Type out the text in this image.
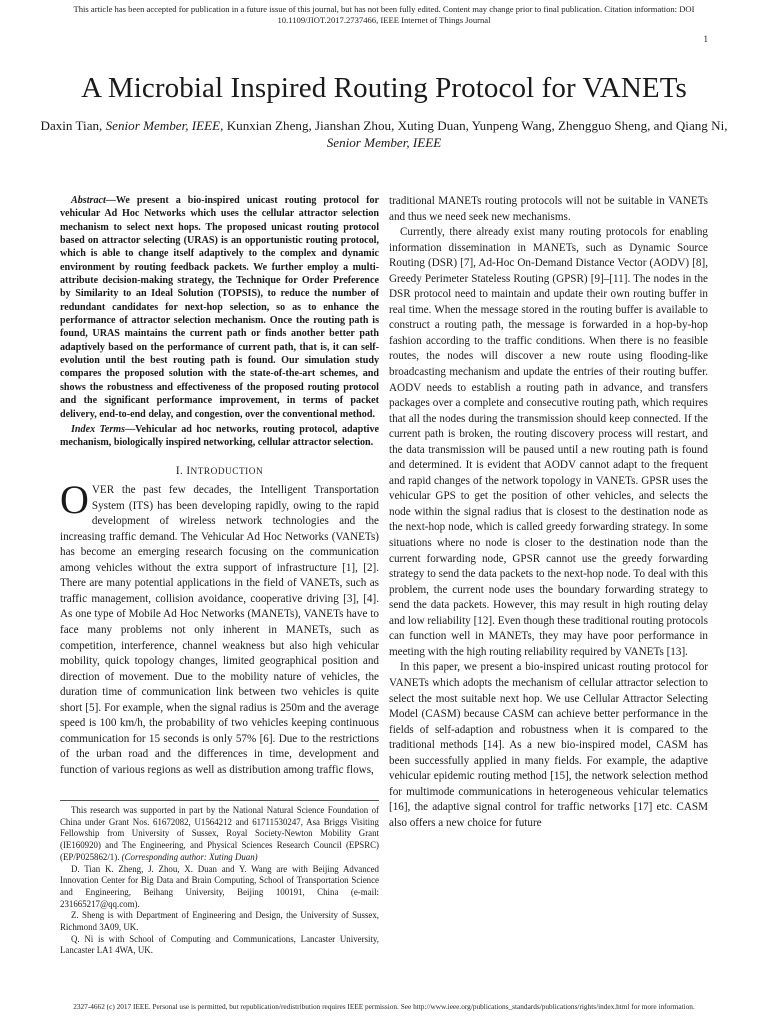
This article has been accepted for publication in a future issue of this journal, but has not been fully edited. Content may change prior to final publication. Citation information: DOI 10.1109/JIOT.2017.2737466, IEEE Internet of Things Journal
1
A Microbial Inspired Routing Protocol for VANETs
Daxin Tian, Senior Member, IEEE, Kunxian Zheng, Jianshan Zhou, Xuting Duan, Yunpeng Wang, Zhengguo Sheng, and Qiang Ni, Senior Member, IEEE

Abstract—We present a bio-inspired unicast routing protocol for vehicular Ad Hoc Networks which uses the cellular attractor selection mechanism to select next hops. The proposed unicast routing protocol based on attractor selecting (URAS) is an opportunistic routing protocol, which is able to change itself adaptively to the complex and dynamic environment by routing feedback packets. We further employ a multi-attribute decision-making strategy, the Technique for Order Preference by Similarity to an Ideal Solution (TOPSIS), to reduce the number of redundant candidates for next-hop selection, so as to enhance the performance of attractor selection mechanism. Once the routing path is found, URAS maintains the current path or finds another better path adaptively based on the performance of current path, that is, it can self-evolution until the best routing path is found. Our simulation study compares the proposed solution with the state-of-the-art schemes, and shows the robustness and effectiveness of the proposed routing protocol and the significant performance improvement, in terms of packet delivery, end-to-end delay, and congestion, over the conventional method.

Index Terms—Vehicular ad hoc networks, routing protocol, adaptive mechanism, biologically inspired networking, cellular attractor selection.

I. INTRODUCTION

OVER the past few decades, the Intelligent Transportation System (ITS) has been developing rapidly, owing to the rapid development of wireless network technologies and the increasing traffic demand. The Vehicular Ad Hoc Networks (VANETs) has become an emerging research focusing on the communication among vehicles without the extra support of infrastructure [1], [2]. There are many potential applications in the field of VANETs, such as traffic management, collision avoidance, cooperative driving [3], [4]. As one type of Mobile Ad Hoc Networks (MANETs), VANETs have to face many problems not only inherent in MANETs, such as competition, interference, channel weakness but also high vehicular mobility, quick topology changes, limited geographical position and direction of movement. Due to the mobility nature of vehicles, the duration time of communication link between two vehicles is quite short [5]. For example, when the signal radius is 250m and the average speed is 100 km/h, the probability of two vehicles keeping continuous communication for 15 seconds is only 57% [6]. Due to the restrictions of the urban road and the differences in time, development and function of various regions as well as distribution among traffic flows,

This research was supported in part by the National Natural Science Foundation of China under Grant Nos. 61672082, U1564212 and 61711530247, Asa Briggs Visiting Fellowship from University of Sussex, Royal Society-Newton Mobility Grant (IE160920) and The Engineering, and Physical Sciences Research Council (EPSRC) (EP/P025862/1). (Corresponding author: Xuting Duan)

D. Tian K. Zheng, J. Zhou, X. Duan and Y. Wang are with Beijing Advanced Innovation Center for Big Data and Brain Computing, School of Transportation Science and Engineering, Beihang University, Beijing 100191, China (e-mail: 231665217@qq.com).

Z. Sheng is with Department of Engineering and Design, the University of Sussex, Richmond 3A09, UK.

Q. Ni is with School of Computing and Communications, Lancaster University, Lancaster LA1 4WA, UK.

traditional MANETs routing protocols will not be suitable in VANETs and thus we need seek new mechanisms.

Currently, there already exist many routing protocols for enabling information dissemination in MANETs, such as Dynamic Source Routing (DSR) [7], Ad-Hoc On-Demand Distance Vector (AODV) [8], Greedy Perimeter Stateless Routing (GPSR) [9]–[11]. The nodes in the DSR protocol need to maintain and update their own routing buffer in real time. When the message stored in the routing buffer is available to construct a routing path, the message is forwarded in a hop-by-hop fashion according to the traffic conditions. When there is no feasible routes, the nodes will discover a new route using flooding-like broadcasting mechanism and update the entries of their routing buffer. AODV needs to establish a routing path in advance, and transfers packages over a complete and consecutive routing path, which requires that all the nodes during the transmission should keep connected. If the current path is broken, the routing discovery process will restart, and the data transmission will be paused until a new routing path is found and determined. It is evident that AODV cannot adapt to the frequent and rapid changes of the network topology in VANETs. GPSR uses the vehicular GPS to get the position of other vehicles, and selects the node within the signal radius that is closest to the destination node as the next-hop node, which is called greedy forwarding strategy. In some situations where no node is closer to the destination node than the current forwarding node, GPSR cannot use the greedy forwarding strategy to send the data packets to the next-hop node. To deal with this problem, the current node uses the boundary forwarding strategy to send the data packets. However, this may result in high routing delay and low reliability [12]. Even though these traditional routing protocols can function well in MANETs, they may have poor performance in meeting with the high routing reliability required by VANETs [13].

In this paper, we present a bio-inspired unicast routing protocol for VANETs which adopts the mechanism of cellular attractor selection to select the most suitable next hop. We use Cellular Attractor Selecting Model (CASM) because CASM can achieve better performance in the fields of self-adaption and robustness when it is compared to the traditional methods [14]. As a new bio-inspired model, CASM has been successfully applied in many fields. For example, the adaptive vehicular epidemic routing method [15], the network selection method for multimode communications in heterogeneous vehicular telematics [16], the adaptive signal control for traffic networks [17] etc. CASM also offers a new choice for future

2327-4662 (c) 2017 IEEE. Personal use is permitted, but republication/redistribution requires IEEE permission. See http://www.ieee.org/publications_standards/publications/rights/index.html for more information.
